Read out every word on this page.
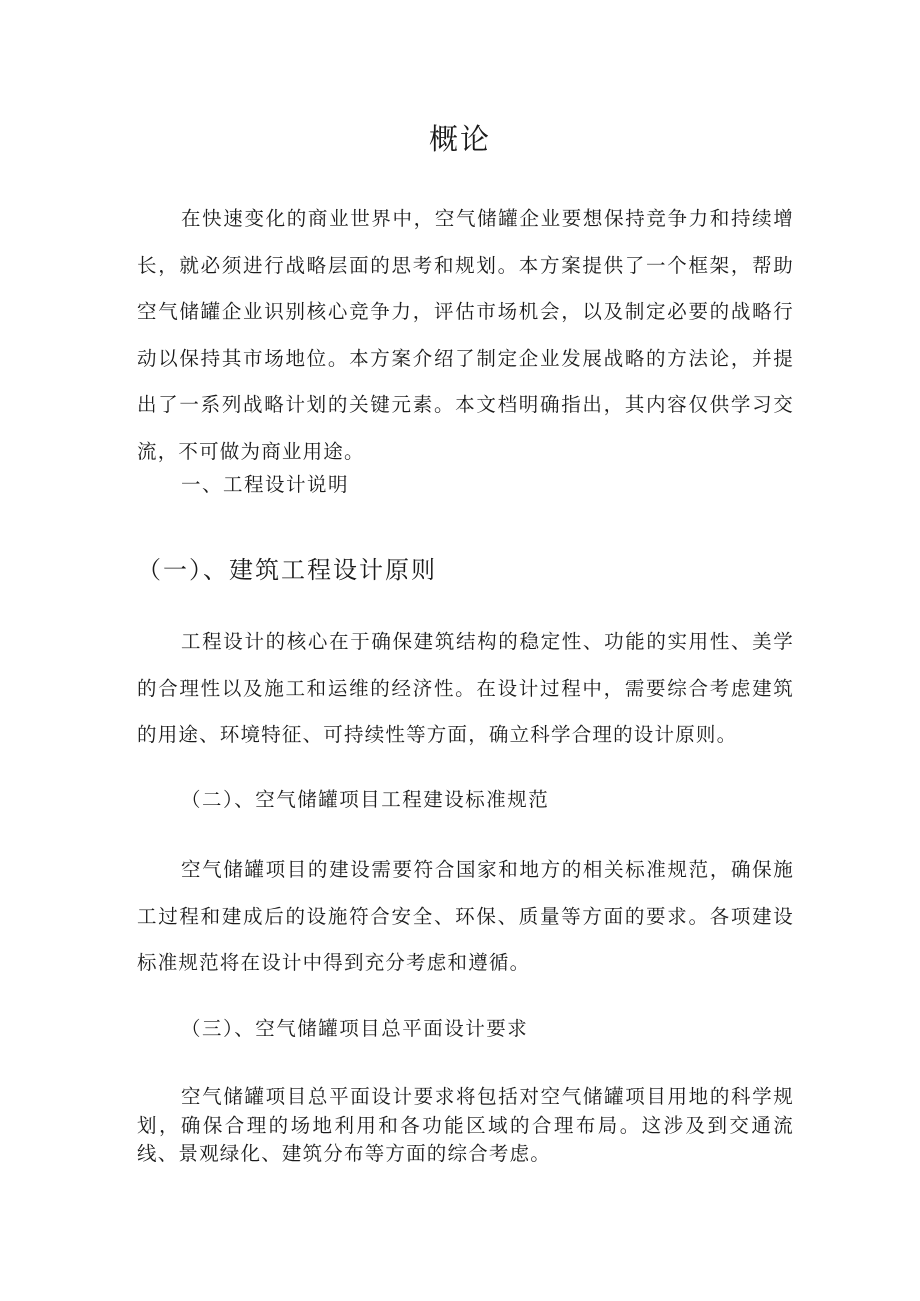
概论

在快速变化的商业世界中，空气储罐企业要想保持竞争力和持续增长，就必须进行战略层面的思考和规划。本方案提供了一个框架，帮助空气储罐企业识别核心竞争力，评估市场机会，以及制定必要的战略行动以保持其市场地位。本方案介绍了制定企业发展战略的方法论，并提出了一系列战略计划的关键元素。本文档明确指出，其内容仅供学习交流，不可做为商业用途。

一、工程设计说明
（一）、建筑工程设计原则

工程设计的核心在于确保建筑结构的稳定性、功能的实用性、美学的合理性以及施工和运维的经济性。在设计过程中，需要综合考虑建筑的用途、环境特征、可持续性等方面，确立科学合理的设计原则。

（二）、空气储罐项目工程建设标准规范

空气储罐项目的建设需要符合国家和地方的相关标准规范，确保施工过程和建成后的设施符合安全、环保、质量等方面的要求。各项建设标准规范将在设计中得到充分考虑和遵循。

（三）、空气储罐项目总平面设计要求

空气储罐项目总平面设计要求将包括对空气储罐项目用地的科学规划，确保合理的场地利用和各功能区域的合理布局。这涉及到交通流线、景观绿化、建筑分布等方面的综合考虑。
